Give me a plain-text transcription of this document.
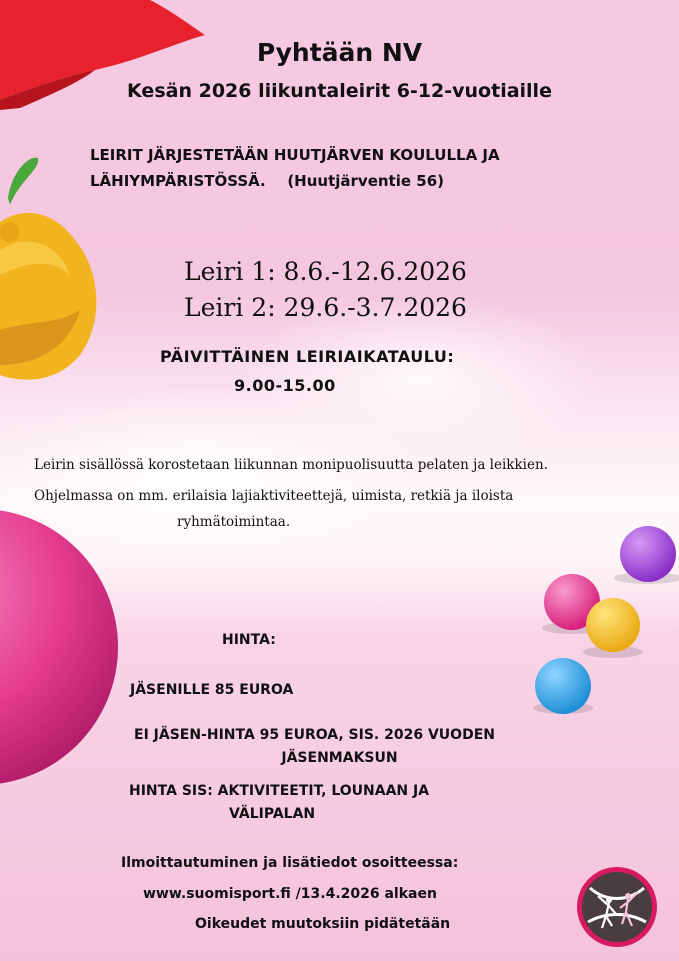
Pyhtään NV
Kesän 2026 liikuntaleirit 6-12-vuotiaille
LEIRIT JÄRJESTETÄÄN HUUTJÄRVEN KOULULLA JA
LÄHIYMPÄRISTÖSSÄ. (Huutjärventie 56)
Leiri 1: 8.6.-12.6.2026
Leiri 2: 29.6.-3.7.2026
PÄIVITTÄINEN LEIRIAIKATAULU:
9.00-15.00
Leirin sisällössä korostetaan liikunnan monipuolisuutta pelaten ja leikkien.
Ohjelmassa on mm. erilaisia lajiaktiviteettejä, uimista, retkiä ja iloista
ryhmätoimintaa.
HINTA:
JÄSENILLE 85 EUROA
EI JÄSEN-HINTA 95 EUROA, SIS. 2026 VUODEN
JÄSENMAKSUN
HINTA SIS: AKTIVITEETIT, LOUNAAN JA
VÄLIPALAN
Ilmoittautuminen ja lisätiedot osoitteessa:
www.suomisport.fi /13.4.2026 alkaen
Oikeudet muutoksiin pidätetään
